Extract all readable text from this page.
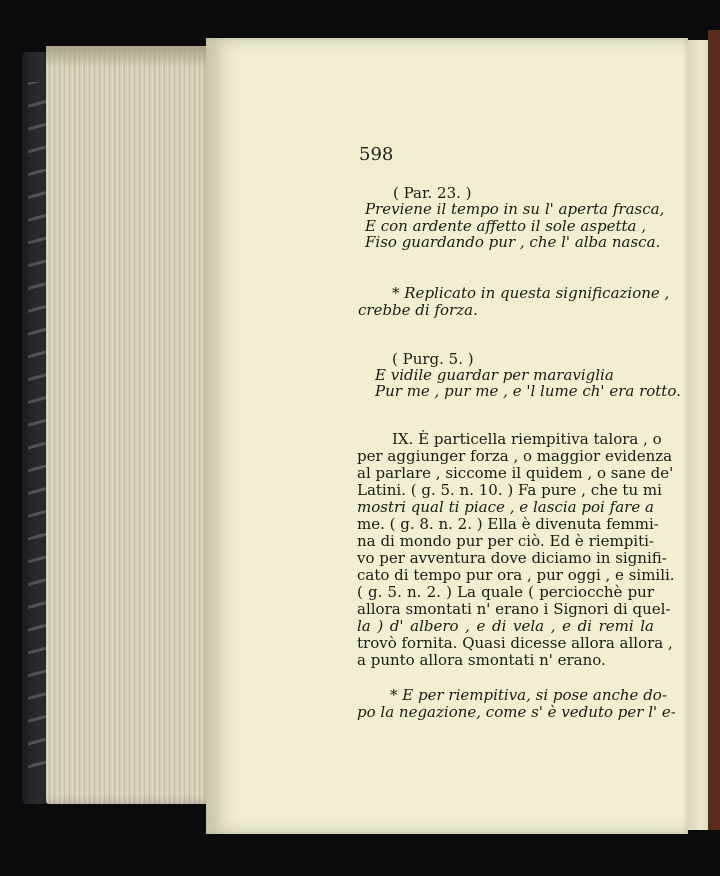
598
( Par. 23. )
Previene il tempo in su l' aperta frasca,
E con ardente affetto il sole aspetta ,
Fiso guardando pur , che l' alba nasca.
* Replicato in questa significazione ,
crebbe di forza.
( Purg. 5. )
E vidile guardar per maraviglia
Pur me , pur me , e 'l lume ch' era rotto.
IX. È particella riempitiva talora , o
per aggiunger forza , o maggior evidenza
al parlare , siccome il quidem , o sane de'
Latini. ( g. 5. n. 10. ) Fa pure , che tu mi
mostri qual ti piace , e lascia poi fare a
me. ( g. 8. n. 2. ) Ella è divenuta femmi-
na di mondo pur per ciò. Ed è riempiti-
vo per avventura dove diciamo in signifi-
cato di tempo pur ora , pur oggi , e simili.
( g. 5. n. 2. ) La quale ( perciocchè pur
allora smontati n' erano i Signori di quel-
la ) d' albero , e di vela , e di remi la
trovò fornita. Quasi dicesse allora allora ,
a punto allora smontati n' erano.
* E per riempitiva, si pose anche do-
po la negazione, come s' è veduto per l' e-
